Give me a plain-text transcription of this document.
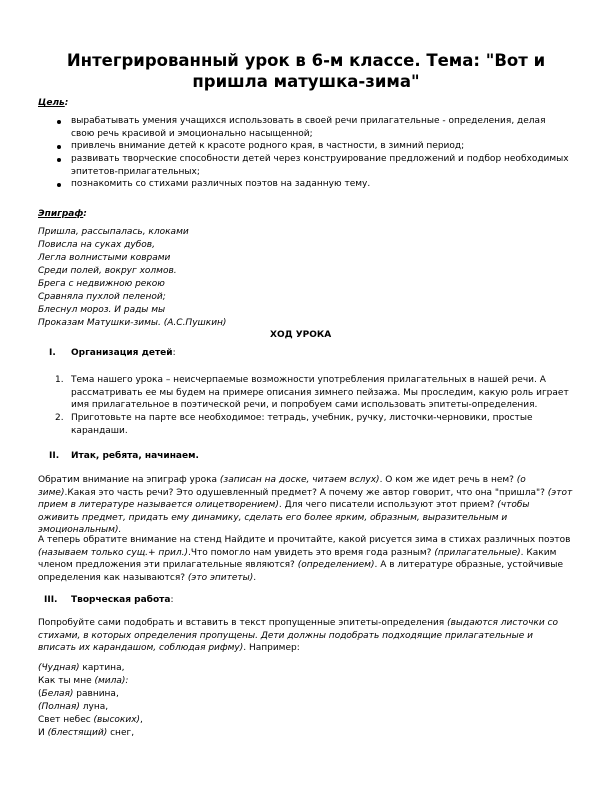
Интегрированный урок в 6-м классе. Тема: "Вот и пришла матушка-зима"
Цель:
вырабатывать умения учащихся использовать в своей речи прилагательные - определения, делая свою речь красивой и эмоционально насыщенной;
привлечь внимание детей к красоте родного края, в частности, в зимний период;
развивать творческие способности детей через конструирование предложений и подбор необходимых эпитетов-прилагательных;
познакомить со стихами различных поэтов на заданную тему.
Эпиграф:
Пришла, рассыпалась, клоками
Повисла на суках дубов,
Легла волнистыми коврами
Среди полей, вокруг холмов.
Брега с недвижною рекою
Сравняла пухлой пеленой;
Блеснул мороз. И рады мы
Проказам Матушки-зимы. (А.С.Пушкин)
ХОД УРОКА
I. Организация детей:
1. Тема нашего урока – неисчерпаемые возможности употребления прилагательных в нашей речи. А рассматривать ее мы будем на примере описания зимнего пейзажа. Мы проследим, какую роль играет имя прилагательное в поэтической речи, и попробуем сами использовать эпитеты-определения.
2. Приготовьте на парте все необходимое: тетрадь, учебник, ручку, листочки-черновики, простые карандаши.
II. Итак, ребята, начинаем.
Обратим внимание на эпиграф урока (записан на доске, читаем вслух). О ком же идет речь в нем? (о зиме).Какая это часть речи? Это одушевленный предмет? А почему же автор говорит, что она "пришла"? (этот прием в литературе называется олицетворением). Для чего писатели используют этот прием? (чтобы оживить предмет, придать ему динамику, сделать его более ярким, образным, выразительным и эмоциональным).
А теперь обратите внимание на стенд Найдите и прочитайте, какой рисуется зима в стихах различных поэтов (называем только сущ.+ прил.).Что помогло нам увидеть это время года разным? (прилагательные). Каким членом предложения эти прилагательные являются? (определением). А в литературе образные, устойчивые определения как называются? (это эпитеты).
III. Творческая работа:
Попробуйте сами подобрать и вставить в текст пропущенные эпитеты-определения (выдаются листочки со стихами, в которых определения пропущены. Дети должны подобрать подходящие прилагательные и вписать их карандашом, соблюдая рифму). Например:
(Чудная) картина,
Как ты мне (мила):
(Белая) равнина,
(Полная) луна,
Свет небес (высоких),
И (блестящий) снег,
